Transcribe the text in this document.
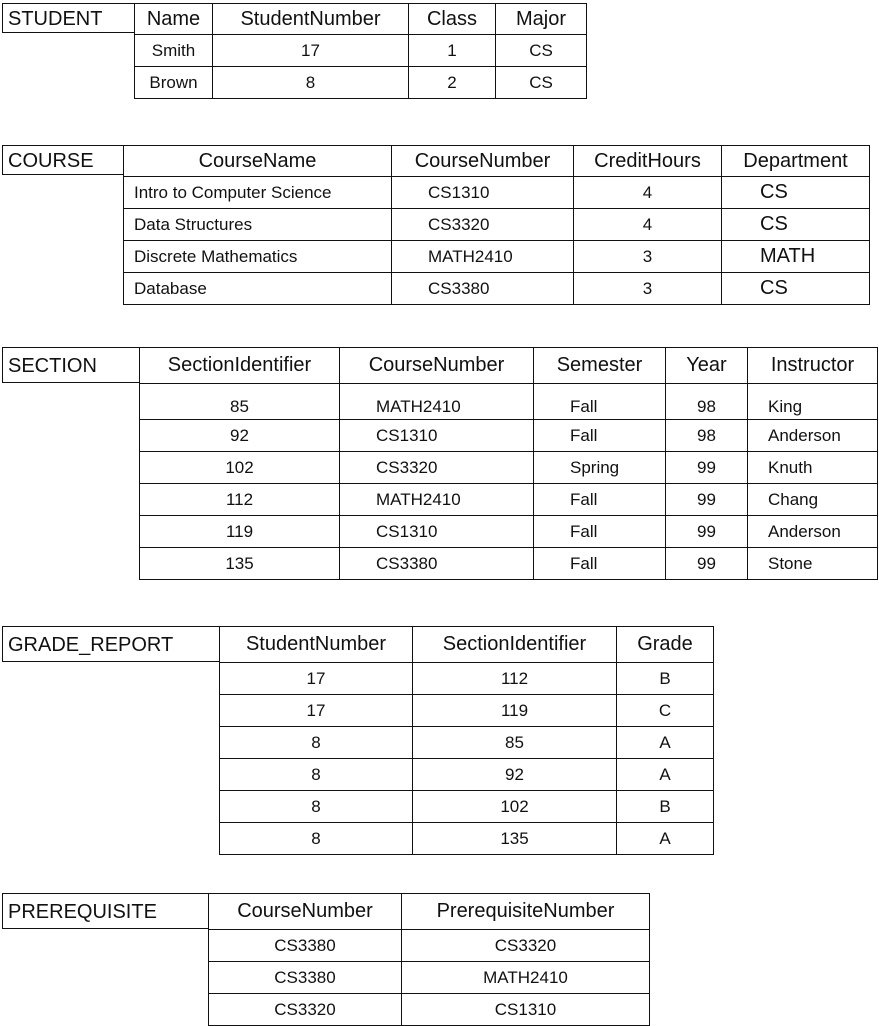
STUDENT	Name	StudentNumber	Class	Major
Smith	17	1	CS
Brown	8	2	CS
COURSE	CourseName	CourseNumber	CreditHours	Department
Intro to Computer Science	CS1310	4	CS
Data Structures	CS3320	4	CS
Discrete Mathematics	MATH2410	3	MATH
Database	CS3380	3	CS
SECTION	SectionIdentifier	CourseNumber	Semester	Year	Instructor
85	MATH2410	Fall	98	King
92	CS1310	Fall	98	Anderson
102	CS3320	Spring	99	Knuth
112	MATH2410	Fall	99	Chang
119	CS1310	Fall	99	Anderson
135	CS3380	Fall	99	Stone
GRADE_REPORT	StudentNumber	SectionIdentifier	Grade
17	112	B
17	119	C
8	85	A
8	92	A
8	102	B
8	135	A
PREREQUISITE	CourseNumber	PrerequisiteNumber
CS3380	CS3320
CS3380	MATH2410
CS3320	CS1310
